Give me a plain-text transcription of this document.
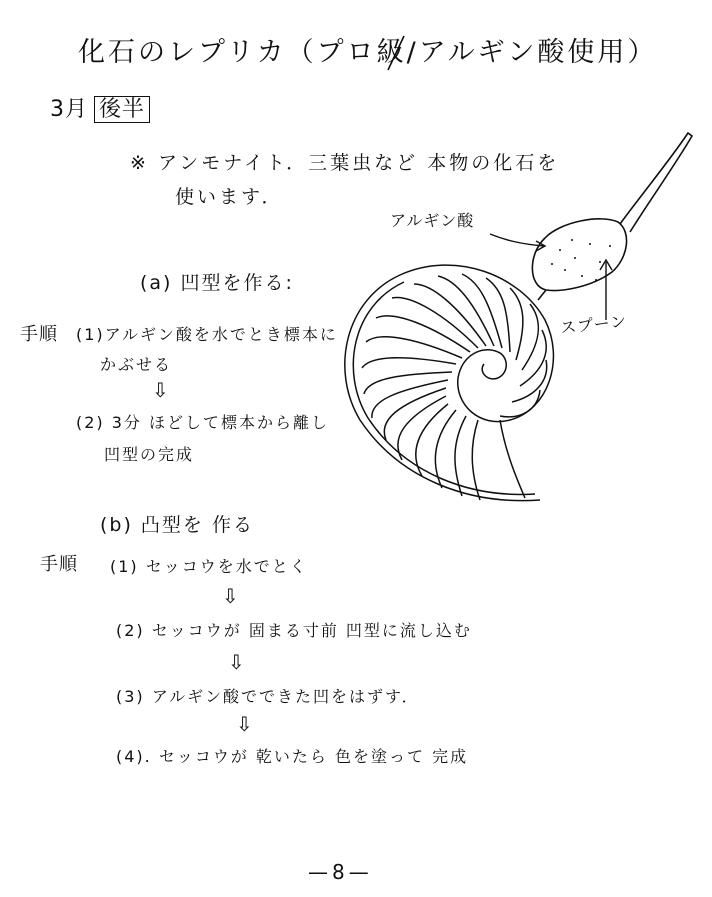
化石のレプリカ（プロ級/アルギン酸使用）
3月 後半
※ アンモナイト．三葉虫など 本物の化石を
使います．
アルギン酸
スプーン
(a) 凹型を作る:
手順 (1)アルギン酸を水でとき標本に
かぶせる
⇩
(2) 3分 ほどして標本から離し
凹型の完成
(b) 凸型を 作る
手順 (1) セッコウを水でとく
⇩
(2) セッコウが 固まる寸前 凹型に流し込む
⇩
(3) アルギン酸でできた凹をはずす．
⇩
(4). セッコウが 乾いたら 色を塗って 完成
—8—
